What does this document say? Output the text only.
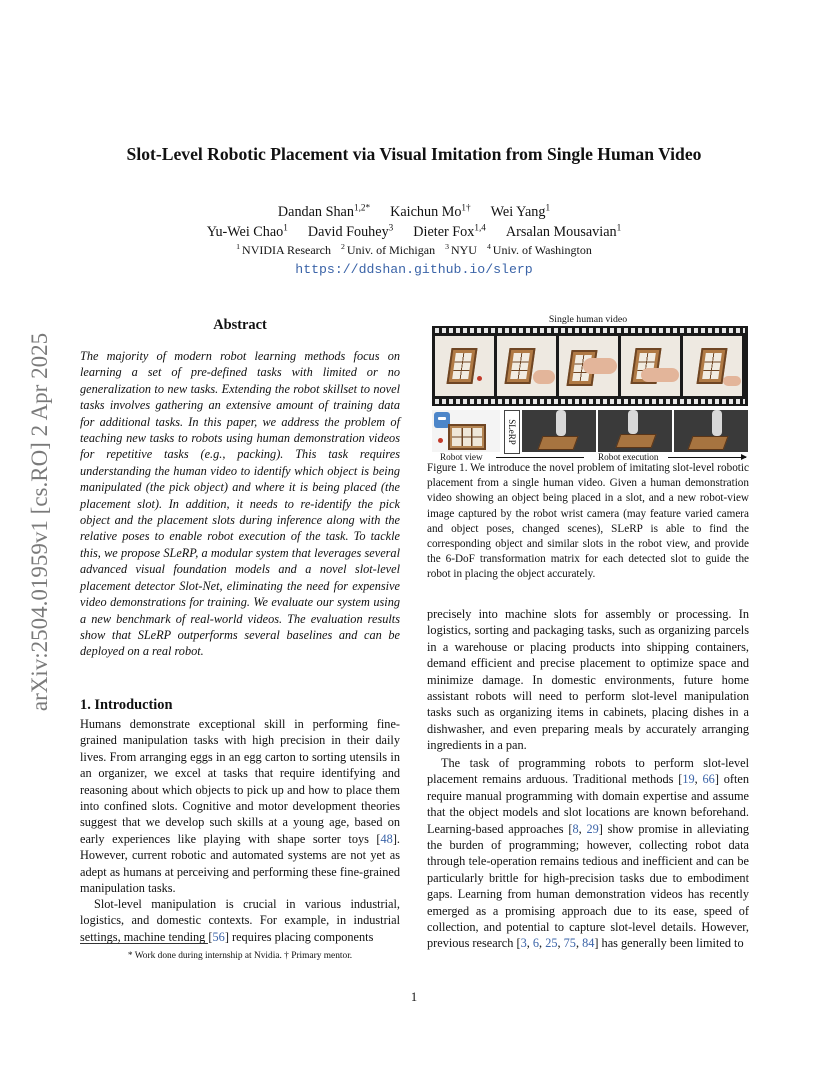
arXiv:2504.01959v1 [cs.RO] 2 Apr 2025
Slot-Level Robotic Placement via Visual Imitation from Single Human Video
Dandan Shan$^{1,2*}$ Kaichun $Mo^{1\dagger}$ Wei Yang$^1$
Yu-Wei Chao$^1$ David Fouhey$^3$ Dieter Fox$^{1,4}$ Arsalan Mousavian$^1$
$^1$ NVIDIA Research $^2$ Univ. of Michigan $^3$ NYU $^4$ Univ. of Washington
https://ddshan.github.io/slerp
Abstract
The majority of modern robot learning methods focus on learning a set of pre-defined tasks with limited or no generalization to new tasks. Extending the robot skillset to novel tasks involves gathering an extensive amount of training data for additional tasks. In this paper, we address the problem of teaching new tasks to robots using human demonstration videos for repetitive tasks (e.g., packing). This task requires understanding the human video to identify which object is being manipulated (the pick object) and where it is being placed (the placement slot). In addition, it needs to re-identify the pick object and the placement slots during inference along with the relative poses to enable robot execution of the task. To tackle this, we propose SLeRP, a modular system that leverages several advanced visual foundation models and a novel slot-level placement detector Slot-Net, eliminating the need for expensive video demonstrations for training. We evaluate our system using a new benchmark of real-world videos. The evaluation results show that SLeRP outperforms several baselines and can be deployed on a real robot.
1. Introduction
Humans demonstrate exceptional skill in performing fine-grained manipulation tasks with high precision in their daily lives. From arranging eggs in an egg carton to sorting utensils in an organizer, we excel at tasks that require identifying and reasoning about which objects to pick up and how to place them into confined slots. Cognitive and motor development theories suggest that we develop such skills at a young age, based on early experiences like playing with shape sorter toys [48]. However, current robotic and automated systems are not yet as adept as humans at perceiving and performing these fine-grained manipulation tasks.
Slot-level manipulation is crucial in various industrial, logistics, and domestic contexts. For example, in industrial settings, machine tending [56] requires placing components
* Work done during internship at Nvidia. † Primary mentor.
Single human video
SLeRP
Robot view	Robot execution
Figure 1. We introduce the novel problem of imitating slot-level robotic placement from a single human video. Given a human demonstration video showing an object being placed in a slot, and a new robot-view image captured by the robot wrist camera (may feature varied camera and object poses, changed scenes), SLeRP is able to find the corresponding object and similar slots in the robot view, and provide the 6-DoF transformation matrix for each detected slot to guide the robot in placing the object accurately.
precisely into machine slots for assembly or processing. In logistics, sorting and packaging tasks, such as organizing parcels in a warehouse or placing products into shipping containers, demand efficient and precise placement to optimize space and minimize damage. In domestic environments, future home assistant robots will need to perform slot-level manipulation tasks such as organizing items in cabinets, placing dishes in a dishwasher, and even preparing meals by accurately arranging ingredients in a pan.
The task of programming robots to perform slot-level placement remains arduous. Traditional methods [19, 66] often require manual programming with domain expertise and assume that the object models and slot locations are known beforehand. Learning-based approaches [8, 29] show promise in alleviating the burden of programming; however, collecting robot data through tele-operation remains tedious and inefficient and can be particularly brittle for high-precision tasks due to embodiment gaps. Learning from human demonstration videos has recently emerged as a promising approach due to its ease, speed of collection, and potential to capture slot-level details. However, previous research [3, 6, 25, 75, 84] has generally been limited to
1
